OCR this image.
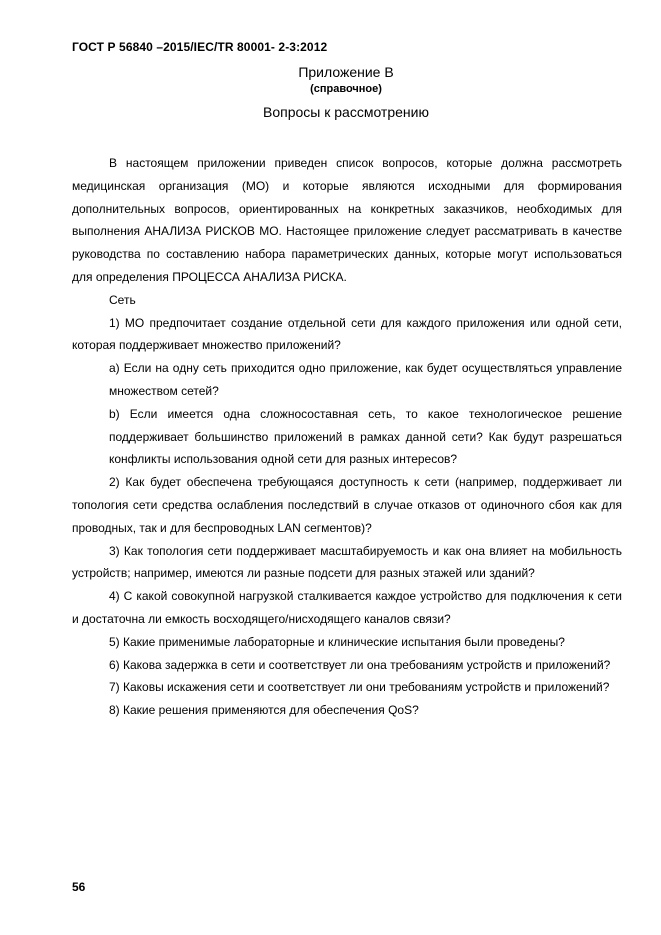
ГОСТ Р 56840 –2015/IEC/TR 80001- 2-3:2012
Приложение В
(справочное)
Вопросы к рассмотрению

В настоящем приложении приведен список вопросов, которые должна рассмотреть медицинская организация (МО) и которые являются исходными для формирования дополнительных вопросов, ориентированных на конкретных заказчиков, необходимых для выполнения АНАЛИЗА РИСКОВ МО. Настоящее приложение следует рассматривать в качестве руководства по составлению набора параметрических данных, которые могут использоваться для определения ПРОЦЕССА АНАЛИЗА РИСКА.

Сеть

1) МО предпочитает создание отдельной сети для каждого приложения или одной сети, которая поддерживает множество приложений?

a) Если на одну сеть приходится одно приложение, как будет осуществляться управление множеством сетей?

b) Если имеется одна сложносоставная сеть, то какое технологическое решение поддерживает большинство приложений в рамках данной сети? Как будут разрешаться конфликты использования одной сети для разных интересов?

2) Как будет обеспечена требующаяся доступность к сети (например, поддерживает ли топология сети средства ослабления последствий в случае отказов от одиночного сбоя как для проводных, так и для беспроводных LAN сегментов)?

3) Как топология сети поддерживает масштабируемость и как она влияет на мобильность устройств; например, имеются ли разные подсети для разных этажей или зданий?

4) С какой совокупной нагрузкой сталкивается каждое устройство для подключения к сети и достаточна ли емкость восходящего/нисходящего каналов связи?

5) Какие применимые лабораторные и клинические испытания были проведены?

6) Какова задержка в сети и соответствует ли она требованиям устройств и приложений?

7) Каковы искажения сети и соответствует ли они требованиям устройств и приложений?

8) Какие решения применяются для обеспечения QoS?

56
